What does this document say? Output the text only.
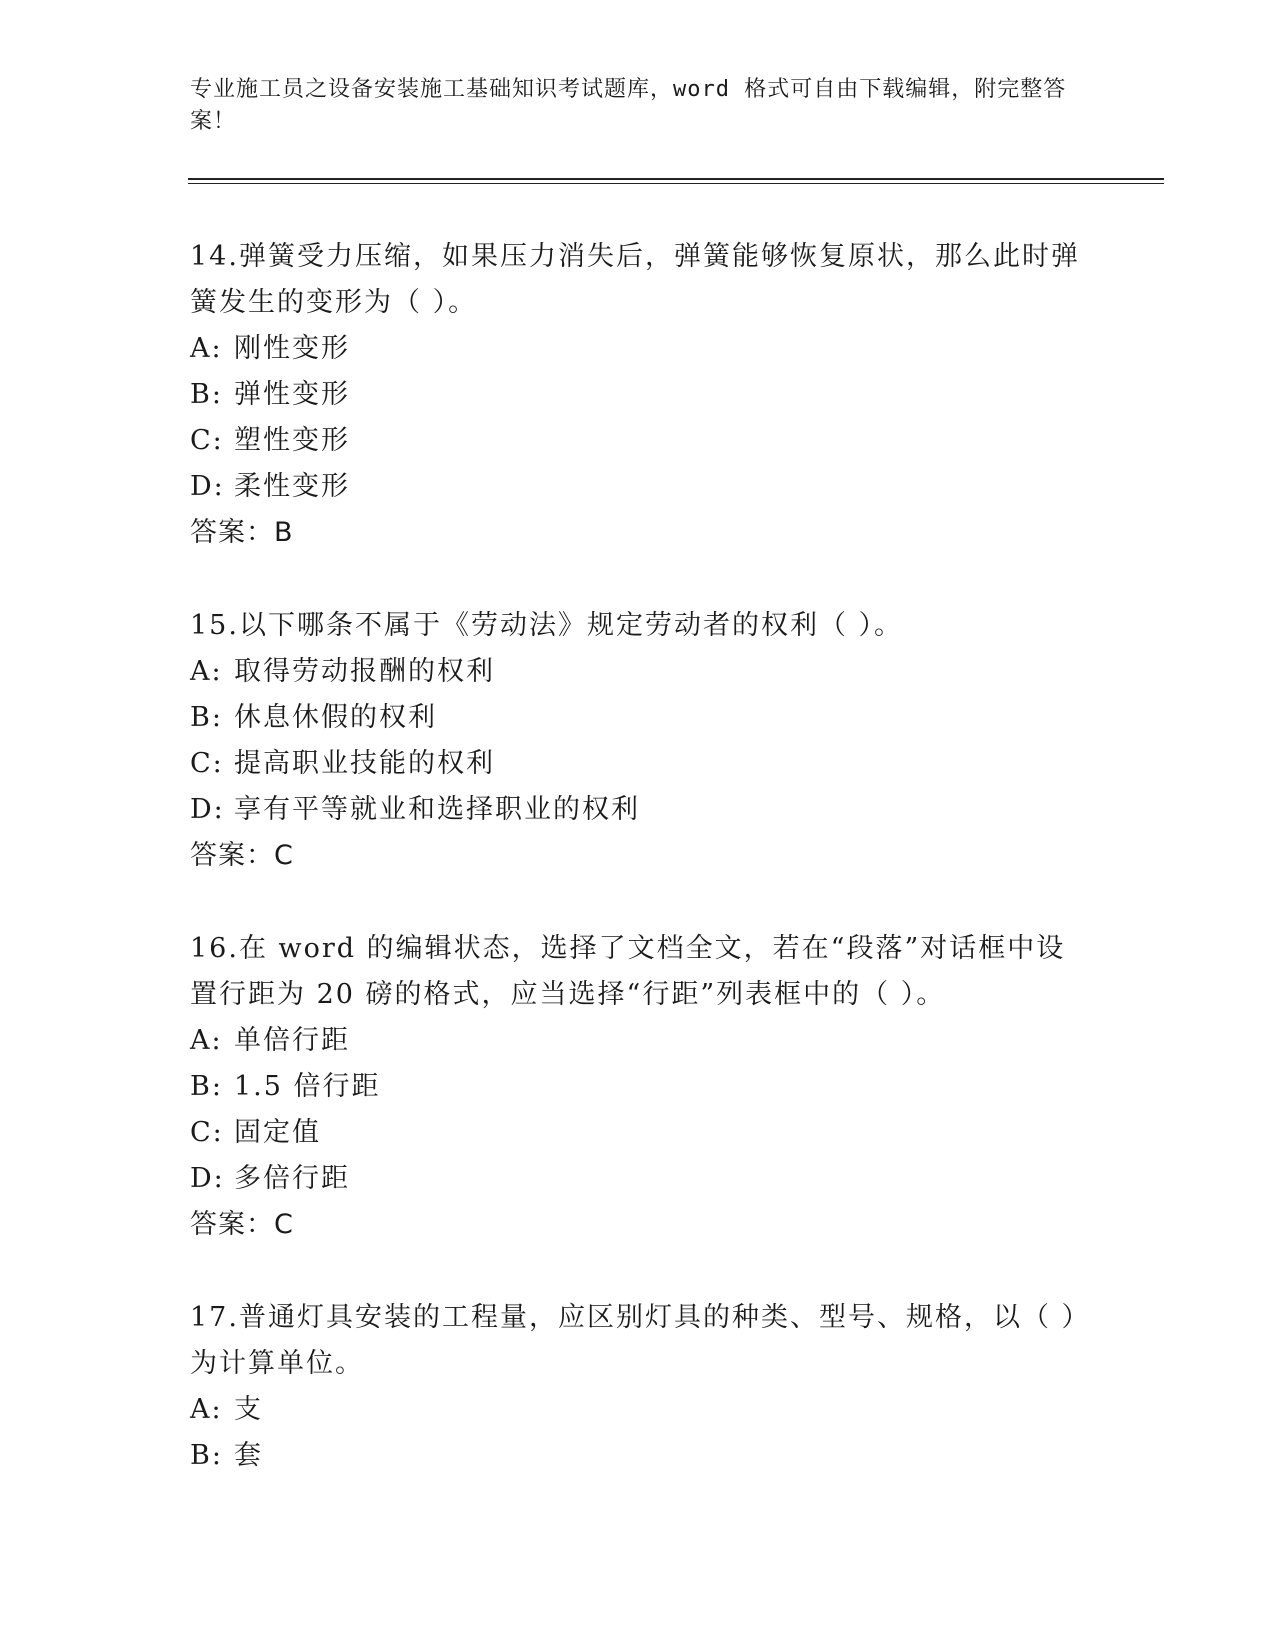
专业施工员之设备安装施工基础知识考试题库，word 格式可自由下载编辑，附完整答案！
14.弹簧受力压缩，如果压力消失后，弹簧能够恢复原状，那么此时弹簧发生的变形为（ ）。
A: 刚性变形
B: 弹性变形
C: 塑性变形
D: 柔性变形
答案：B
15.以下哪条不属于《劳动法》规定劳动者的权利（ ）。
A: 取得劳动报酬的权利
B: 休息休假的权利
C: 提高职业技能的权利
D: 享有平等就业和选择职业的权利
答案：C
16.在 word 的编辑状态，选择了文档全文，若在“段落”对话框中设置行距为 20 磅的格式，应当选择“行距”列表框中的（ ）。
A: 单倍行距
B: 1.5 倍行距
C: 固定值
D: 多倍行距
答案：C
17.普通灯具安装的工程量，应区别灯具的种类、型号、规格，以（ ）为计算单位。
A: 支
B: 套
